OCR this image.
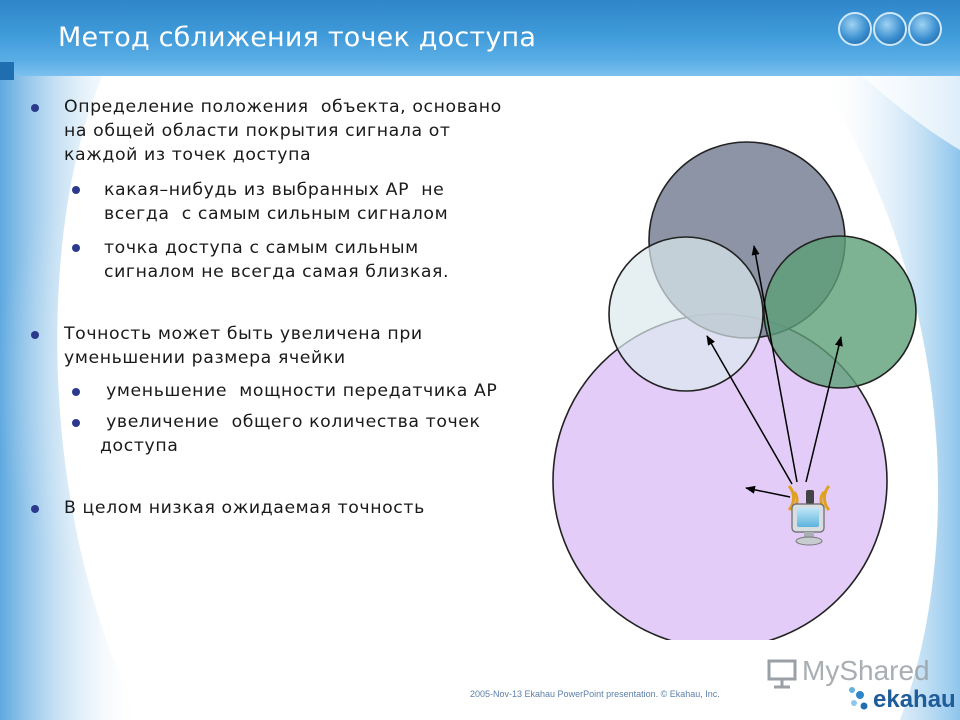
Метод сближения точек доступа
Определение положения  объекта, основано
на общей области покрытия сигнала от
каждой из точек доступа
какая–нибудь из выбранных AP  не
всегда  с самым сильным сигналом
точка доступа с самым сильным
сигналом не всегда самая близкая.
Точность может быть увеличена при
уменьшении размера ячейки
уменьшение  мощности передатчика AP
увеличение  общего количества точек
доступа
В целом низкая ожидаемая точность
MyShared
2005-Nov-13 Ekahau PowerPoint presentation. © Ekahau, Inc.	ekahau
